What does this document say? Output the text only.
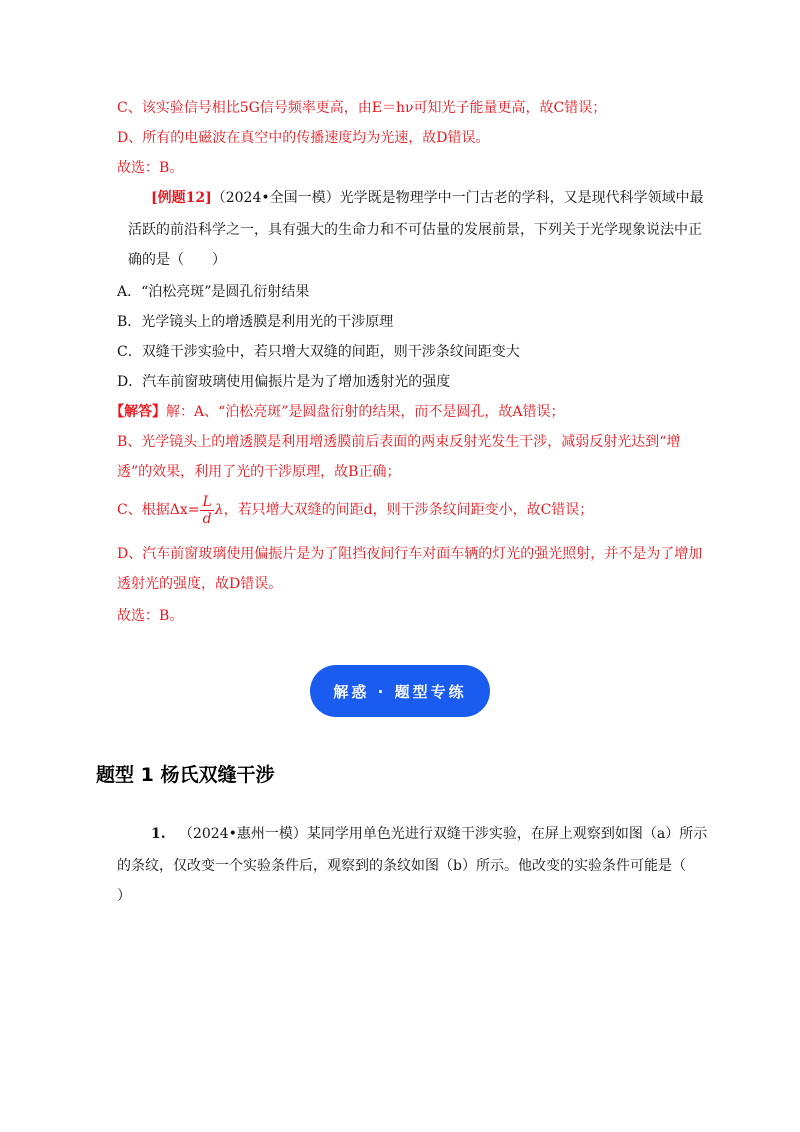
C、该实验信号相比5G信号频率更高，由E＝hν可知光子能量更高，故C错误；
D、所有的电磁波在真空中的传播速度均为光速，故D错误。
故选：B。
[例题12]（2024•全国一模）光学既是物理学中一门古老的学科，又是现代科学领域中最
活跃的前沿科学之一，具有强大的生命力和不可估量的发展前景，下列关于光学现象说法中正
确的是（　　）
A．“泊松亮斑”是圆孔衍射结果
B．光学镜头上的增透膜是利用光的干涉原理
C．双缝干涉实验中，若只增大双缝的间距，则干涉条纹间距变大
D．汽车前窗玻璃使用偏振片是为了增加透射光的强度
【解答】解：A、“泊松亮斑”是圆盘衍射的结果，而不是圆孔，故A错误；
B、光学镜头上的增透膜是利用增透膜前后表面的两束反射光发生干涉，减弱反射光达到“增
透”的效果，利用了光的干涉原理，故B正确；
C、根据$\Delta x= \frac{L}{d}$ λ，若只增大双缝的间距d，则干涉条纹间距变小，故C错误；
D、汽车前窗玻璃使用偏振片是为了阻挡夜间行车对面车辆的灯光的强光照射，并不是为了增加
透射光的强度，故D错误。
故选：B。
解惑 · 题型专练
题型 1 杨氏双缝干涉
1. （2024•惠州一模）某同学用单色光进行双缝干涉实验，在屏上观察到如图（a）所示
的条纹，仅改变一个实验条件后，观察到的条纹如图（b）所示。他改变的实验条件可能是（
）
